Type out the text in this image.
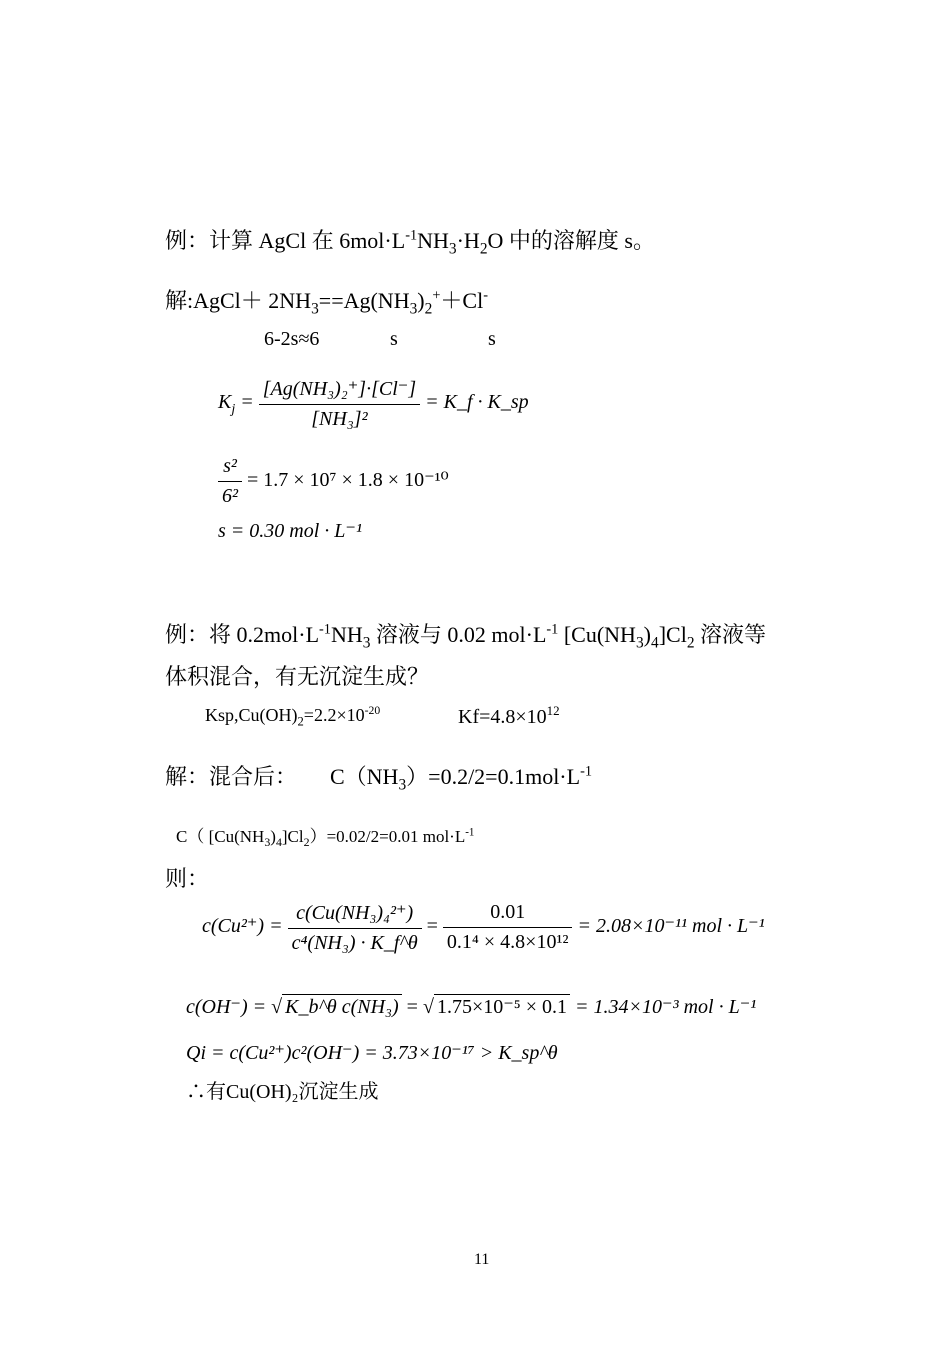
例：计算 AgCl 在 $6mol\cdot L^{-1}NH_3\cdot H_2O$ 中的溶解度 s。
解:AgCl＋ $2NH_3==Ag(NH_3)_2^++Cl^-$
6-2s≈6	s	s
$K_j = \frac{\text{[Ag(NH₃)₂⁺]·[Cl⁻]}}{\text{[NH₃]²}}$ = K_f · K_sp
$\frac{\text{s²}}{\text{6²}} = 1.7 \times 10^7 \times 1.8 \times 10^{-10}$
s = 0.30 mol · L⁻¹
例：将 $0.2mol\cdot L^{-1}NH_3$ 溶液与 0.02 $mol\cdot L^{-1}$ $[Cu(NH_3)_4]Cl_2$ 溶液等
体积混合，有无沉淀生成？
$Ksp,Cu(OH)_2=2.2\times 10^{-20}$	$Kf=4.8\times 10^{12}$
解：混合后： $C(NH_3)=0.2/2=0.1mol\cdot L^{-1}$
C（ $[Cu(NH_3)_4]Cl_2)=0.02/2=0.01$ $mol\cdot L^{-1}$
则：
$c(Cu^{2+}) = \frac{\text{c(Cu(NH₃)₄²⁺)}}{\text{c⁴(NH₃) · K\_f\textasciicircum{}θ}} = \frac{0.01}{\text{0.1⁴ × 4.8×10¹²}} = 2.08\times 10^{-11}$ mol · L⁻¹
c(OH⁻) = √ K_b^θ c(NH₃) = √ 1.75×10⁻⁵ × 0.1 = 1.34×10⁻³ mol · L⁻¹
Qi = c(Cu²⁺)c²(OH⁻) = 3.73×10⁻¹⁷ > K_sp^θ
∴有Cu(OH)₂沉淀生成
11
